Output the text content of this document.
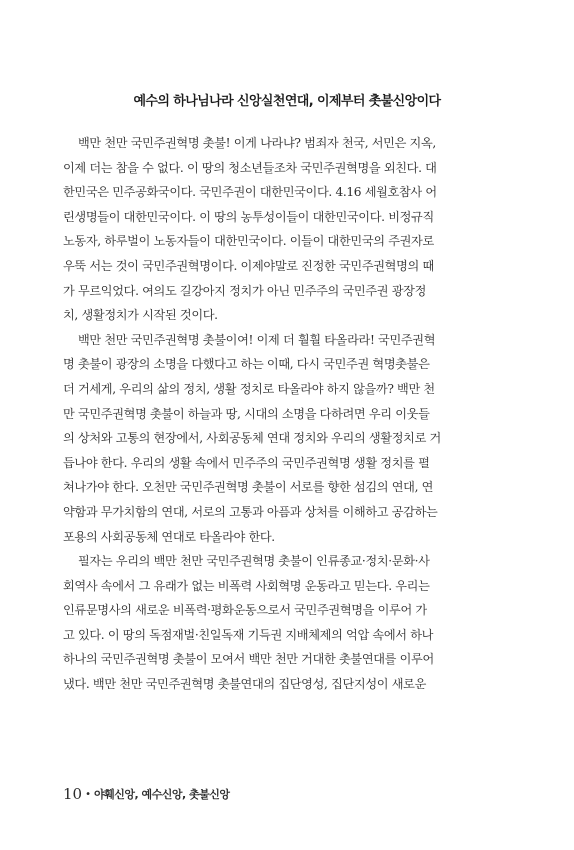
예수의 하나님나라 신앙실천연대, 이제부터 촛불신앙이다
백만 천만 국민주권혁명 촛불! 이게 나라냐? 범죄자 천국, 서민은 지옥,
이제 더는 참을 수 없다. 이 땅의 청소년들조차 국민주권혁명을 외친다. 대
한민국은 민주공화국이다. 국민주권이 대한민국이다. 4.16 세월호참사 어
린생명들이 대한민국이다. 이 땅의 농투성이들이 대한민국이다. 비정규직
노동자, 하루벌이 노동자들이 대한민국이다. 이들이 대한민국의 주권자로
우뚝 서는 것이 국민주권혁명이다. 이제야말로 진정한 국민주권혁명의 때
가 무르익었다. 여의도 길강아지 정치가 아닌 민주주의 국민주권 광장정
치, 생활정치가 시작된 것이다.
백만 천만 국민주권혁명 촛불이여! 이제 더 훨훨 타올라라! 국민주권혁
명 촛불이 광장의 소명을 다했다고 하는 이때, 다시 국민주권 혁명촛불은
더 거세게, 우리의 삶의 정치, 생활 정치로 타올라야 하지 않을까? 백만 천
만 국민주권혁명 촛불이 하늘과 땅, 시대의 소명을 다하려면 우리 이웃들
의 상처와 고통의 현장에서, 사회공동체 연대 정치와 우리의 생활정치로 거
듭나야 한다. 우리의 생활 속에서 민주주의 국민주권혁명 생활 정치를 펼
쳐나가야 한다. 오천만 국민주권혁명 촛불이 서로를 향한 섬김의 연대, 연
약함과 무가치함의 연대, 서로의 고통과 아픔과 상처를 이해하고 공감하는
포용의 사회공동체 연대로 타올라야 한다.
필자는 우리의 백만 천만 국민주권혁명 촛불이 인류종교·정치·문화·사
회역사 속에서 그 유래가 없는 비폭력 사회혁명 운동라고 믿는다. 우리는
인류문명사의 새로운 비폭력·평화운동으로서 국민주권혁명을 이루어 가
고 있다. 이 땅의 독점재벌·친일독재 기득권 지배체제의 억압 속에서 하나
하나의 국민주권혁명 촛불이 모여서 백만 천만 거대한 촛불연대를 이루어
냈다. 백만 천만 국민주권혁명 촛불연대의 집단영성, 집단지성이 새로운
10 • 야훼신앙, 예수신앙, 촛불신앙
